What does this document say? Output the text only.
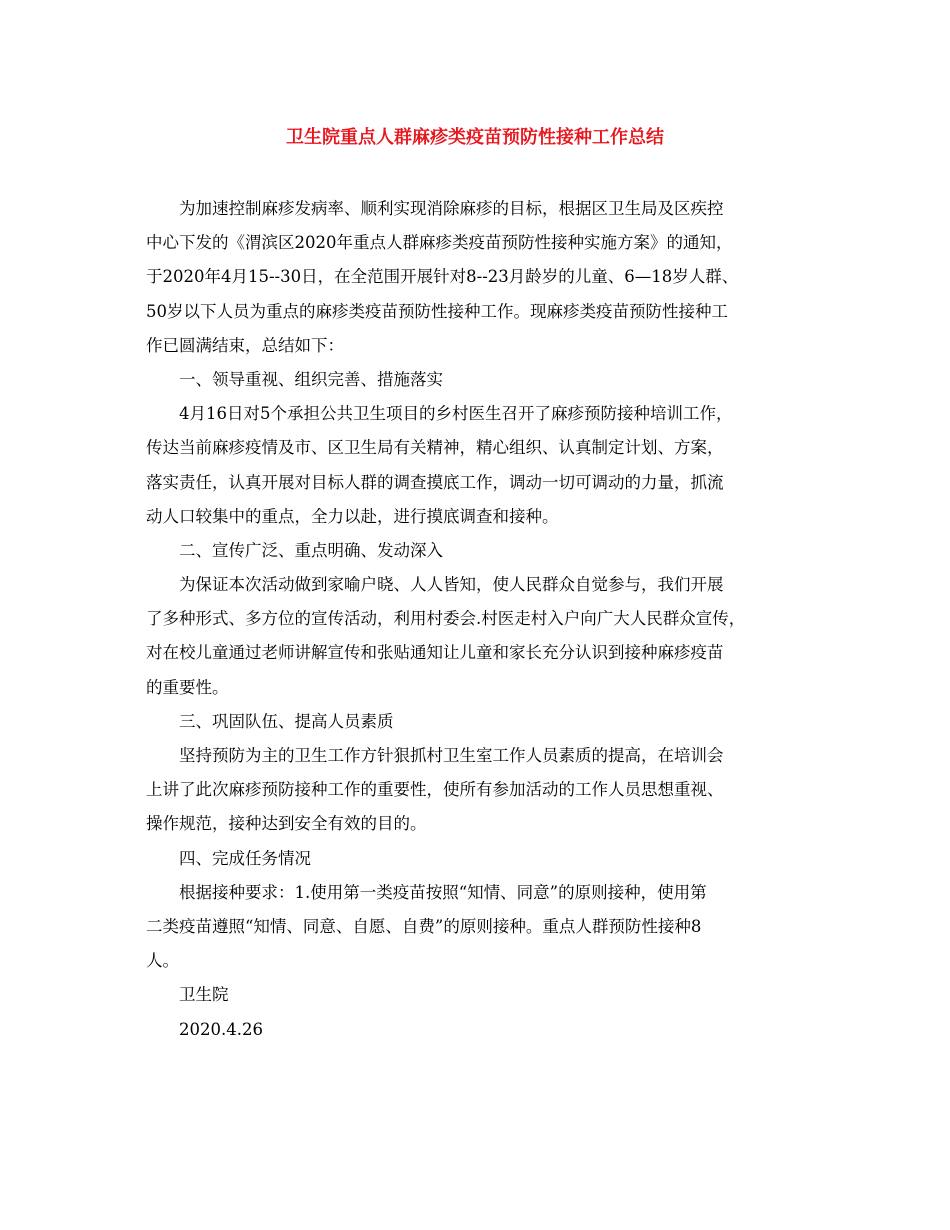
卫生院重点人群麻疹类疫苗预防性接种工作总结
为加速控制麻疹发病率、顺利实现消除麻疹的目标，根据区卫生局及区疾控
中心下发的《渭滨区2020年重点人群麻疹类疫苗预防性接种实施方案》的通知，
于2020年4月15--30日，在全范围开展针对8--23月龄岁的儿童、6—18岁人群、
50岁以下人员为重点的麻疹类疫苗预防性接种工作。现麻疹类疫苗预防性接种工
作已圆满结束，总结如下：
一、领导重视、组织完善、措施落实
4月16日对5个承担公共卫生项目的乡村医生召开了麻疹预防接种培训工作，
传达当前麻疹疫情及市、区卫生局有关精神，精心组织、认真制定计划、方案，
落实责任，认真开展对目标人群的调查摸底工作，调动一切可调动的力量，抓流
动人口较集中的重点，全力以赴，进行摸底调查和接种。
二、宣传广泛、重点明确、发动深入
为保证本次活动做到家喻户晓、人人皆知，使人民群众自觉参与，我们开展
了多种形式、多方位的宣传活动，利用村委会.村医走村入户向广大人民群众宣传，
对在校儿童通过老师讲解宣传和张贴通知让儿童和家长充分认识到接种麻疹疫苗
的重要性。
三、巩固队伍、提高人员素质
坚持预防为主的卫生工作方针狠抓村卫生室工作人员素质的提高，在培训会
上讲了此次麻疹预防接种工作的重要性，使所有参加活动的工作人员思想重视、
操作规范，接种达到安全有效的目的。
四、完成任务情况
根据接种要求：1.使用第一类疫苗按照“知情、同意”的原则接种，使用第
二类疫苗遵照“知情、同意、自愿、自费”的原则接种。重点人群预防性接种8
人。
卫生院
2020.4.26
